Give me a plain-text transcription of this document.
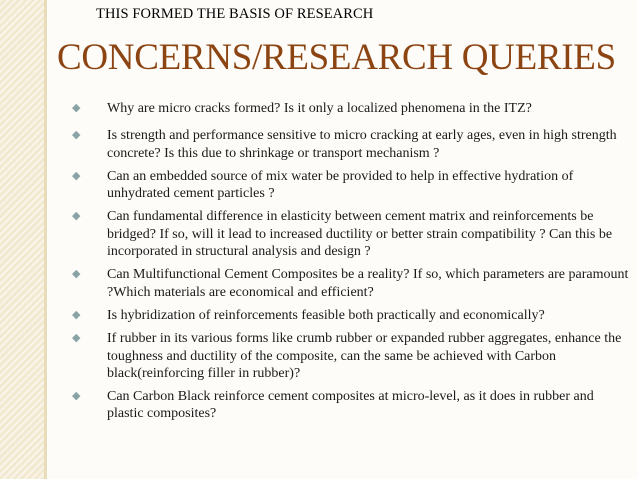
THIS FORMED THE BASIS OF RESEARCH
CONCERNS/RESEARCH QUERIES
◆ Why are micro cracks formed? Is it only a localized phenomena in the ITZ?
◆ Is strength and performance sensitive to micro cracking at early ages, even in high strength concrete? Is this due to shrinkage or transport mechanism ?
◆ Can an embedded source of mix water be provided to help in effective hydration of unhydrated cement particles ?
◆ Can fundamental difference in elasticity between cement matrix and reinforcements be bridged? If so, will it lead to increased ductility or better strain compatibility ? Can this be incorporated in structural analysis and design ?
◆ Can Multifunctional Cement Composites be a reality? If so, which parameters are paramount ?Which materials are economical and efficient?
◆ Is hybridization of reinforcements feasible both practically and economically?
◆ If rubber in its various forms like crumb rubber or expanded rubber aggregates, enhance the toughness and ductility of the composite, can the same be achieved with Carbon black(reinforcing filler in rubber)?
◆ Can Carbon Black reinforce cement composites at micro-level, as it does in rubber and plastic composites?
